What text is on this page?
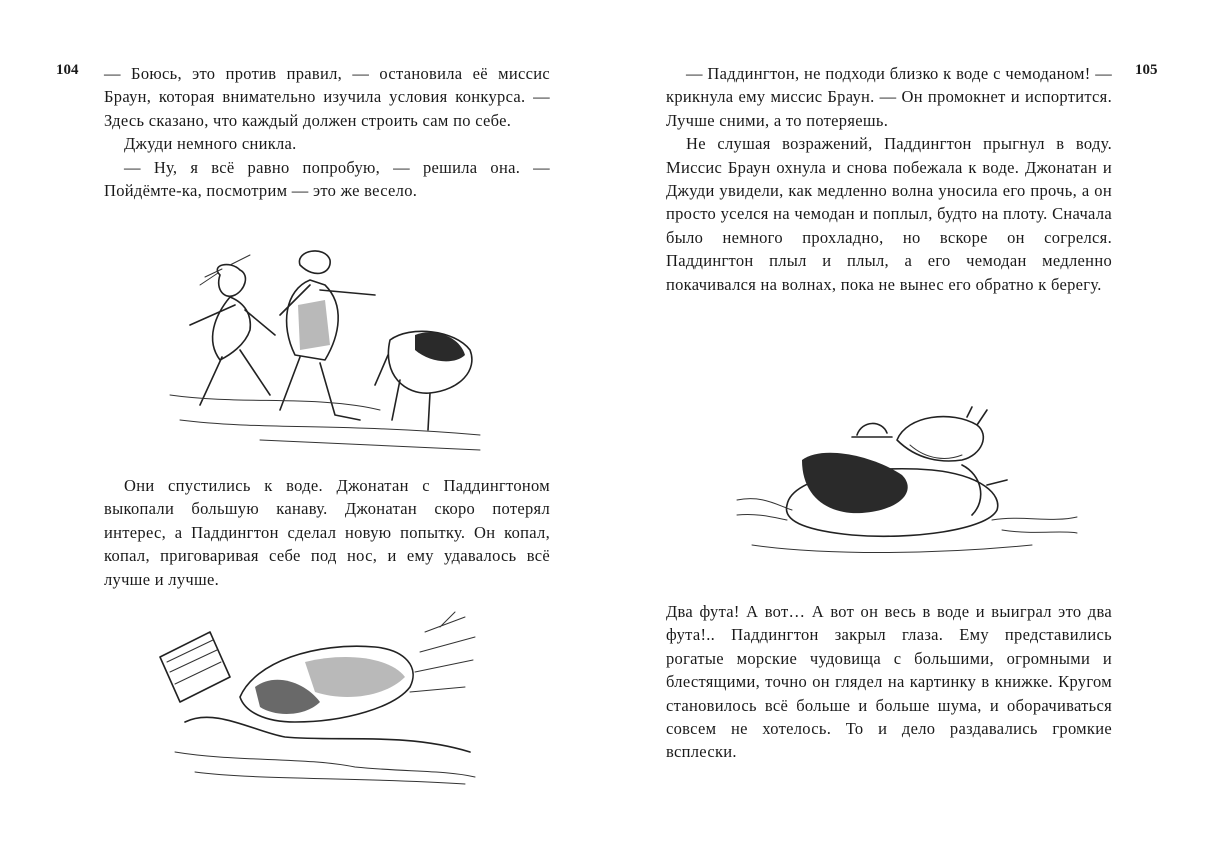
104 — Боюсь, это против правил, — остановила её миссис Браун, которая внимательно изучила условия конкурса. — Здесь сказано, что каждый должен строить сам по себе.

Джуди немного сникла.

— Ну, я всё равно попробую, — решила она. — Пойдёмте-ка, посмотрим — это же весело.

Они спустились к воде. Джонатан с Паддингтоном выкопали большую канаву. Джонатан скоро потерял интерес, а Паддингтон сделал новую попытку. Он копал, копал, приговаривая себе под нос, и ему удавалось всё лучше и лучше.

105

— Паддингтон, не подходи близко к воде с чемоданом! — крикнула ему миссис Браун. — Он промокнет и испортится. Лучше сними, а то потеряешь.

Не слушая возражений, Паддингтон прыгнул в воду. Миссис Браун охнула и снова побежала к воде. Джонатан и Джуди увидели, как медленно волна уносила его прочь, а он просто уселся на чемодан и поплыл, будто на плоту. Сначала было немного прохладно, но вскоре он согрелся. Паддингтон плыл и плыл, а его чемодан медленно покачивался на волнах, пока не вынес его обратно к берегу.

Два фута! А вот… А вот он весь в воде и выиграл это два фута!.. Паддингтон закрыл глаза. Ему представились рогатые морские чудовища с большими, огромными и блестящими, точно он глядел на картинку в книжке. Кругом становилось всё больше и больше шума, и оборачиваться совсем не хотелось. То и дело раздавались громкие всплески.
